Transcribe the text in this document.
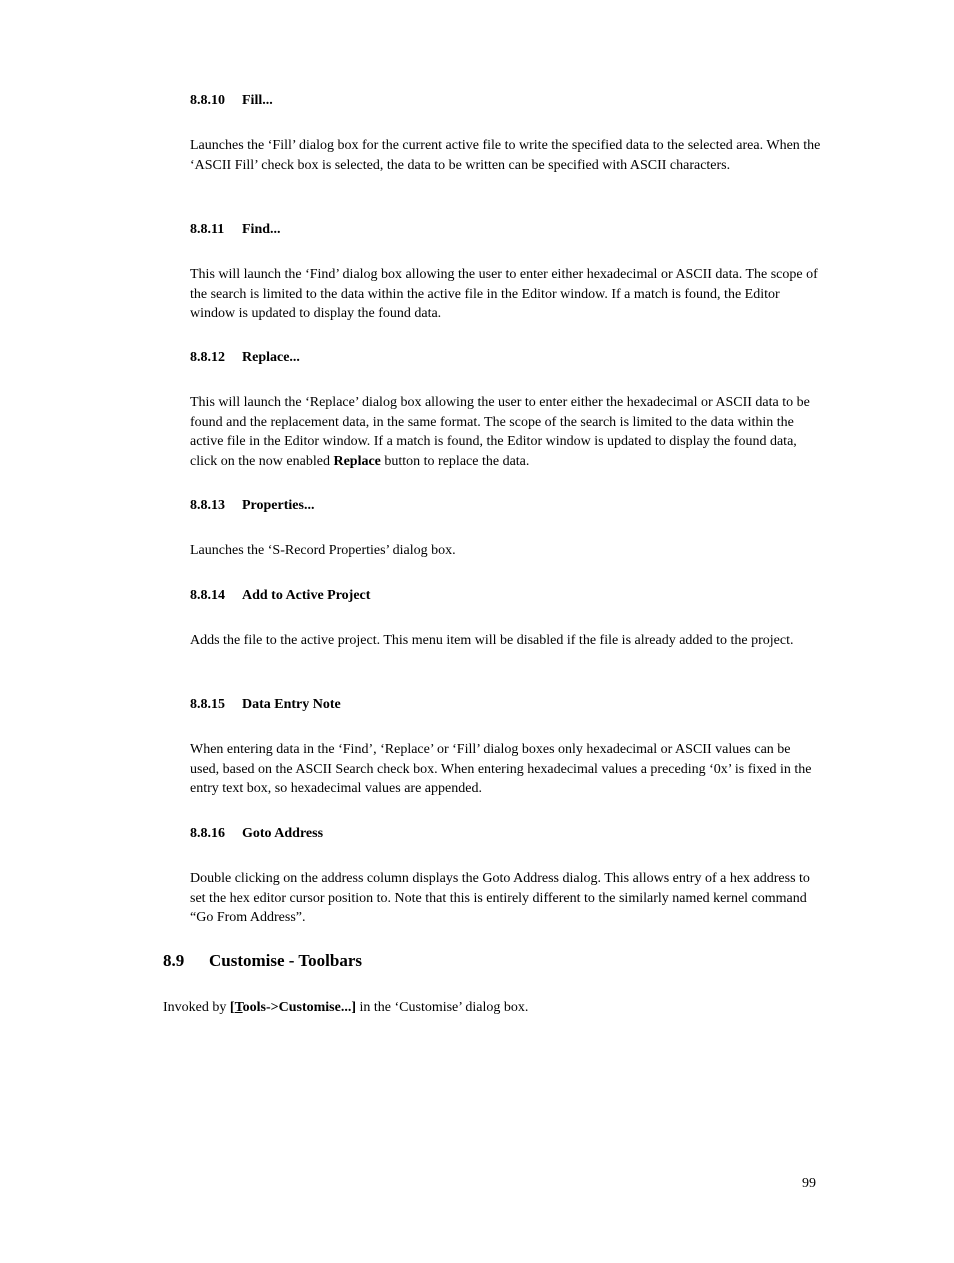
8.8.10 Fill...

Launches the ‘Fill’ dialog box for the current active file to write the specified data to the selected area. When the ‘ASCII Fill’ check box is selected, the data to be written can be specified with ASCII characters.

8.8.11 Find...

This will launch the ‘Find’ dialog box allowing the user to enter either hexadecimal or ASCII data. The scope of the search is limited to the data within the active file in the Editor window. If a match is found, the Editor window is updated to display the found data.

8.8.12 Replace...

This will launch the ‘Replace’ dialog box allowing the user to enter either the hexadecimal or ASCII data to be found and the replacement data, in the same format. The scope of the search is limited to the data within the active file in the Editor window. If a match is found, the Editor window is updated to display the found data, click on the now enabled Replace button to replace the data.

8.8.13 Properties...

Launches the ‘S-Record Properties’ dialog box.

8.8.14 Add to Active Project

Adds the file to the active project. This menu item will be disabled if the file is already added to the project.

8.8.15 Data Entry Note

When entering data in the ‘Find’, ‘Replace’ or ‘Fill’ dialog boxes only hexadecimal or ASCII values can be used, based on the ASCII Search check box. When entering hexadecimal values a preceding ‘0x’ is fixed in the entry text box, so hexadecimal values are appended.

8.8.16 Goto Address

Double clicking on the address column displays the Goto Address dialog. This allows entry of a hex address to set the hex editor cursor position to. Note that this is entirely different to the similarly named kernel command “Go From Address”.

8.9 Customise - Toolbars

Invoked by [Tools->Customise...] in the ‘Customise’ dialog box.

99
